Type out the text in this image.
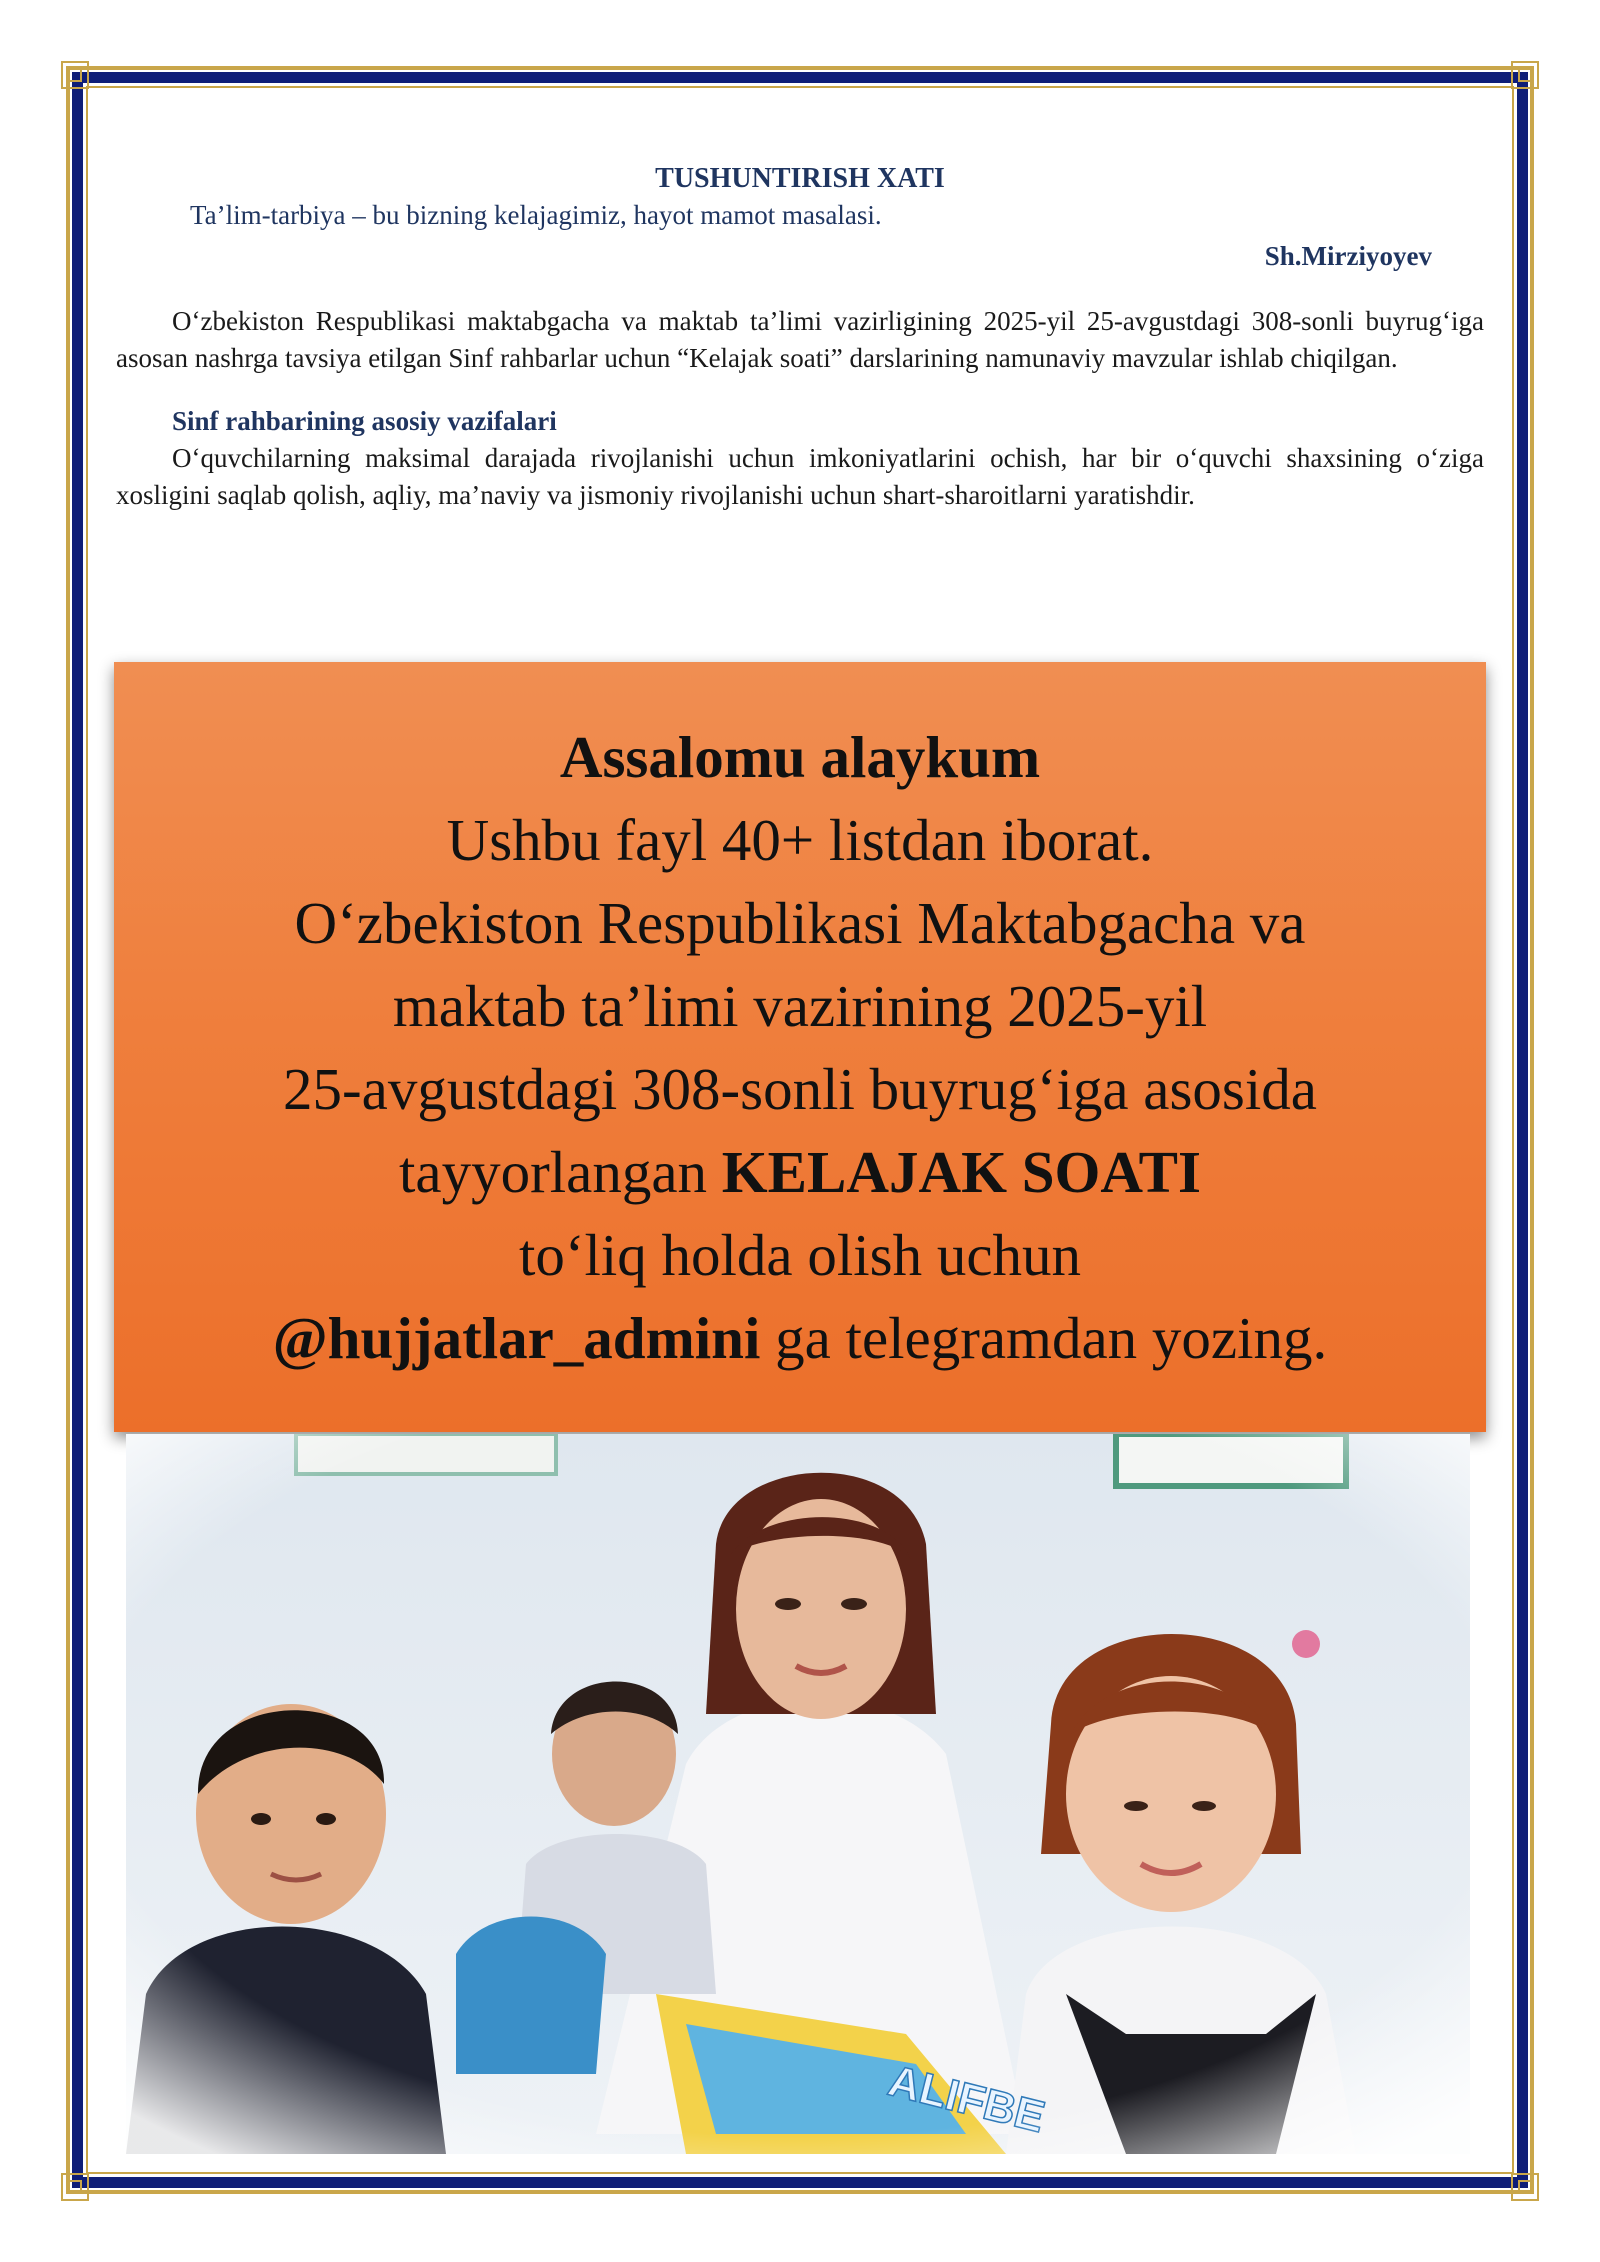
TUSHUNTIRISH XATI

Ta’lim-tarbiya – bu bizning kelajagimiz, hayot mamot masalasi.

Sh.Mirziyoyev

O‘zbekiston Respublikasi maktabgacha va maktab ta’limi vazirligining 2025-yil 25-avgustdagi 308-sonli buyrug‘iga asosan nashrga tavsiya etilgan Sinf rahbarlar uchun “Kelajak soati” darslarining namunaviy mavzular ishlab chiqilgan.

Sinf rahbarining asosiy vazifalari

O‘quvchilarning maksimal darajada rivojlanishi uchun imkoniyatlarini ochish, har bir o‘quvchi shaxsining o‘ziga xosligini saqlab qolish, aqliy, ma’naviy va jismoniy rivojlanishi uchun shart-sharoitlarni yaratishdir.

Assalomu alaykum

Ushbu fayl 40+ listdan iborat.

O‘zbekiston Respublikasi Maktabgacha va

maktab ta’limi vazirining 2025-yil

25-avgustdagi 308-sonli buyrug‘iga asosida

tayyorlangan KELAJAK SOATI

to‘liq holda olish uchun

@hujjatlar_admini ga telegramdan yozing.
